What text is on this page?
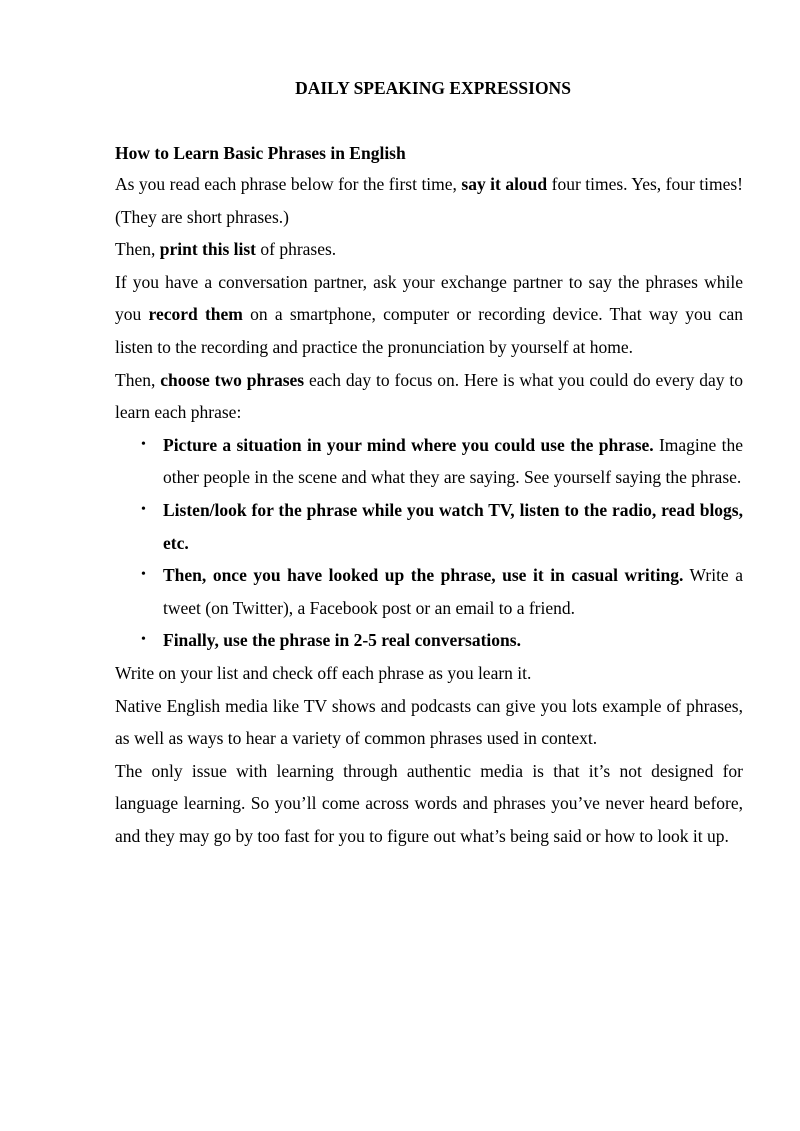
DAILY SPEAKING EXPRESSIONS
How to Learn Basic Phrases in English

As you read each phrase below for the first time, say it aloud four times. Yes, four times! (They are short phrases.)

Then, print this list of phrases.

If you have a conversation partner, ask your exchange partner to say the phrases while you record them on a smartphone, computer or recording device. That way you can listen to the recording and practice the pronunciation by yourself at home.

Then, choose two phrases each day to focus on. Here is what you could do every day to learn each phrase:

• Picture a situation in your mind where you could use the phrase. Imagine the other people in the scene and what they are saying. See yourself saying the phrase.
• Listen/look for the phrase while you watch TV, listen to the radio, read blogs, etc.
• Then, once you have looked up the phrase, use it in casual writing. Write a tweet (on Twitter), a Facebook post or an email to a friend.
• Finally, use the phrase in 2-5 real conversations.

Write on your list and check off each phrase as you learn it.

Native English media like TV shows and podcasts can give you lots example of phrases, as well as ways to hear a variety of common phrases used in context.

The only issue with learning through authentic media is that it’s not designed for language learning. So you’ll come across words and phrases you’ve never heard before, and they may go by too fast for you to figure out what’s being said or how to look it up.
